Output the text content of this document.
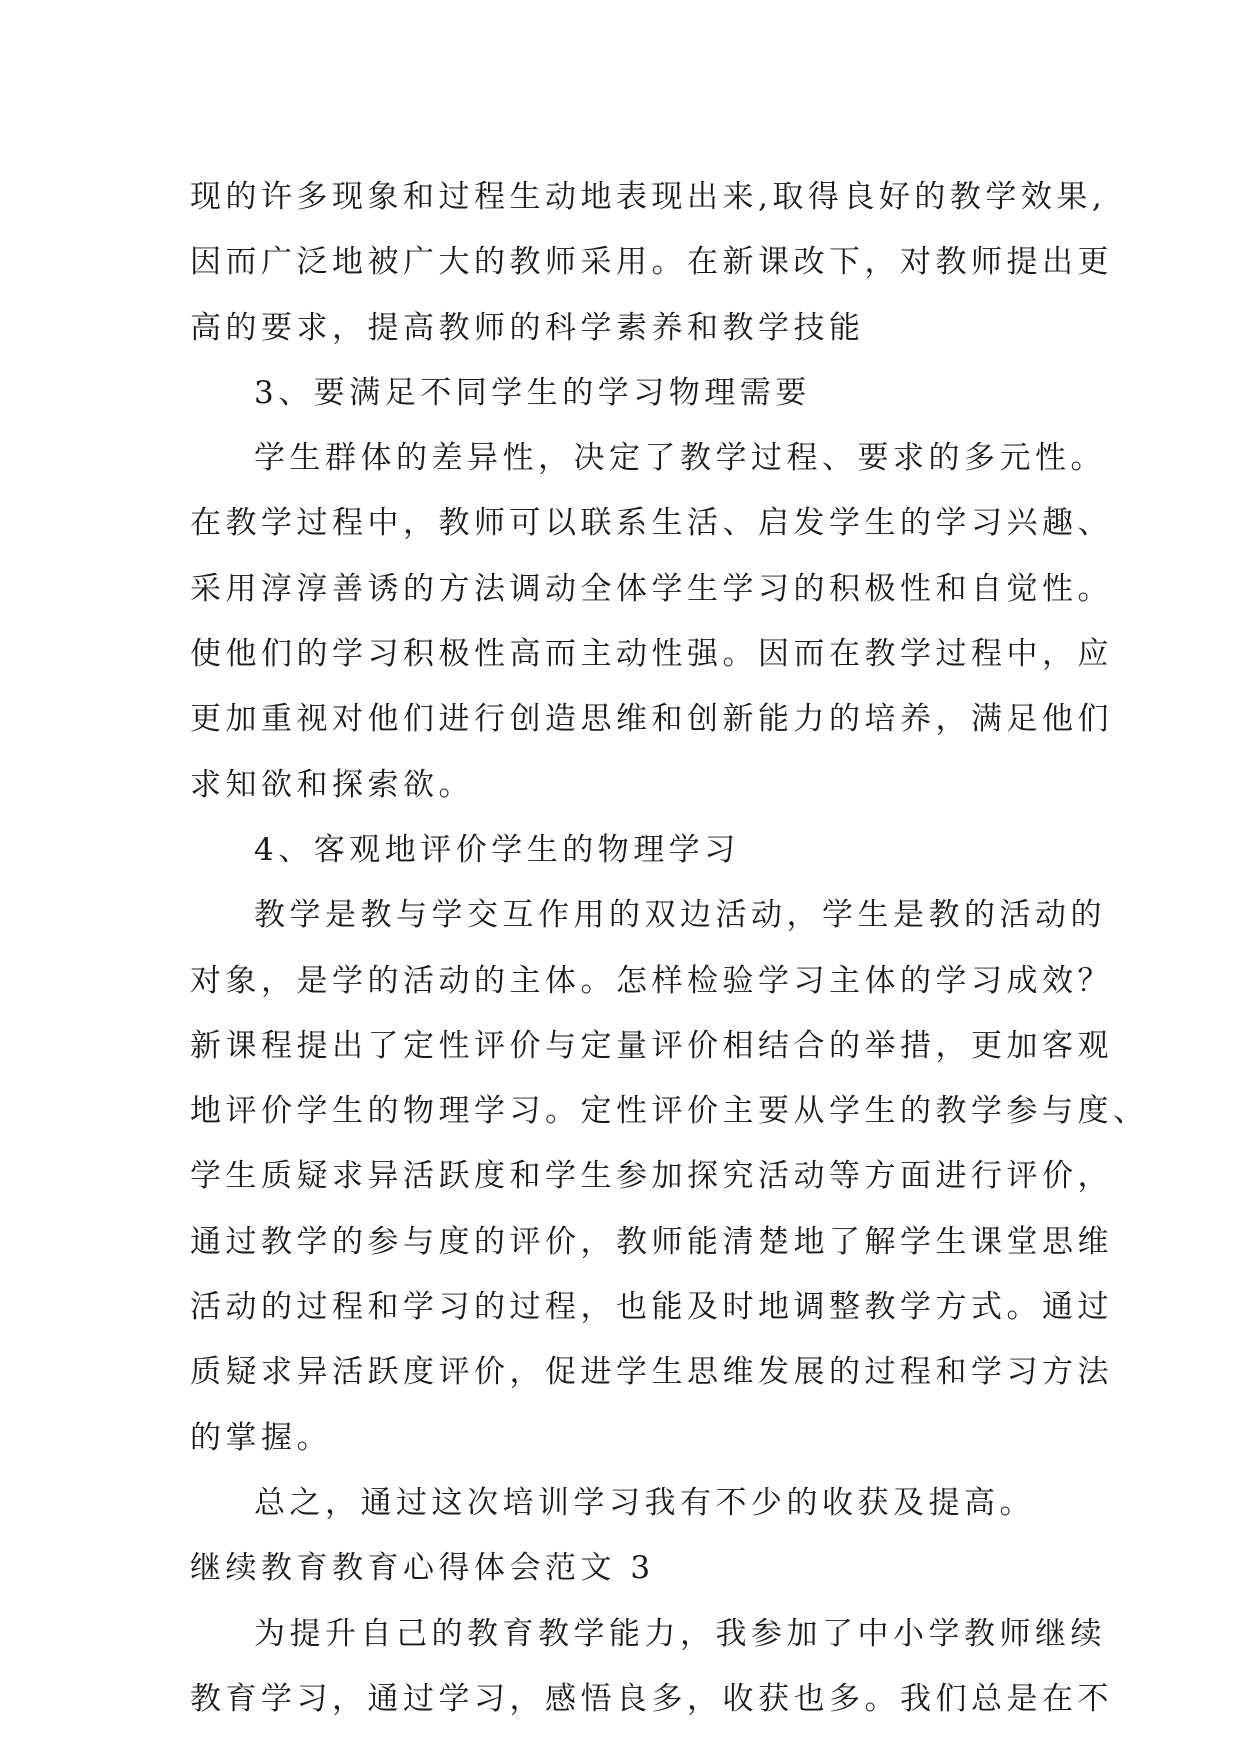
现的许多现象和过程生动地表现出来,取得良好的教学效果,
因而广泛地被广大的教师采用。在新课改下，对教师提出更
高的要求，提高教师的科学素养和教学技能
3、要满足不同学生的学习物理需要
学生群体的差异性，决定了教学过程、要求的多元性。
在教学过程中，教师可以联系生活、启发学生的学习兴趣、
采用淳淳善诱的方法调动全体学生学习的积极性和自觉性。
使他们的学习积极性高而主动性强。因而在教学过程中，应
更加重视对他们进行创造思维和创新能力的培养，满足他们
求知欲和探索欲。
4、客观地评价学生的物理学习
教学是教与学交互作用的双边活动，学生是教的活动的
对象，是学的活动的主体。怎样检验学习主体的学习成效？
新课程提出了定性评价与定量评价相结合的举措，更加客观
地评价学生的物理学习。定性评价主要从学生的教学参与度、
学生质疑求异活跃度和学生参加探究活动等方面进行评价，
通过教学的参与度的评价，教师能清楚地了解学生课堂思维
活动的过程和学习的过程，也能及时地调整教学方式。通过
质疑求异活跃度评价，促进学生思维发展的过程和学习方法
的掌握。
总之，通过这次培训学习我有不少的收获及提高。
继续教育教育心得体会范文 3
为提升自己的教育教学能力，我参加了中小学教师继续
教育学习，通过学习，感悟良多，收获也多。我们总是在不
